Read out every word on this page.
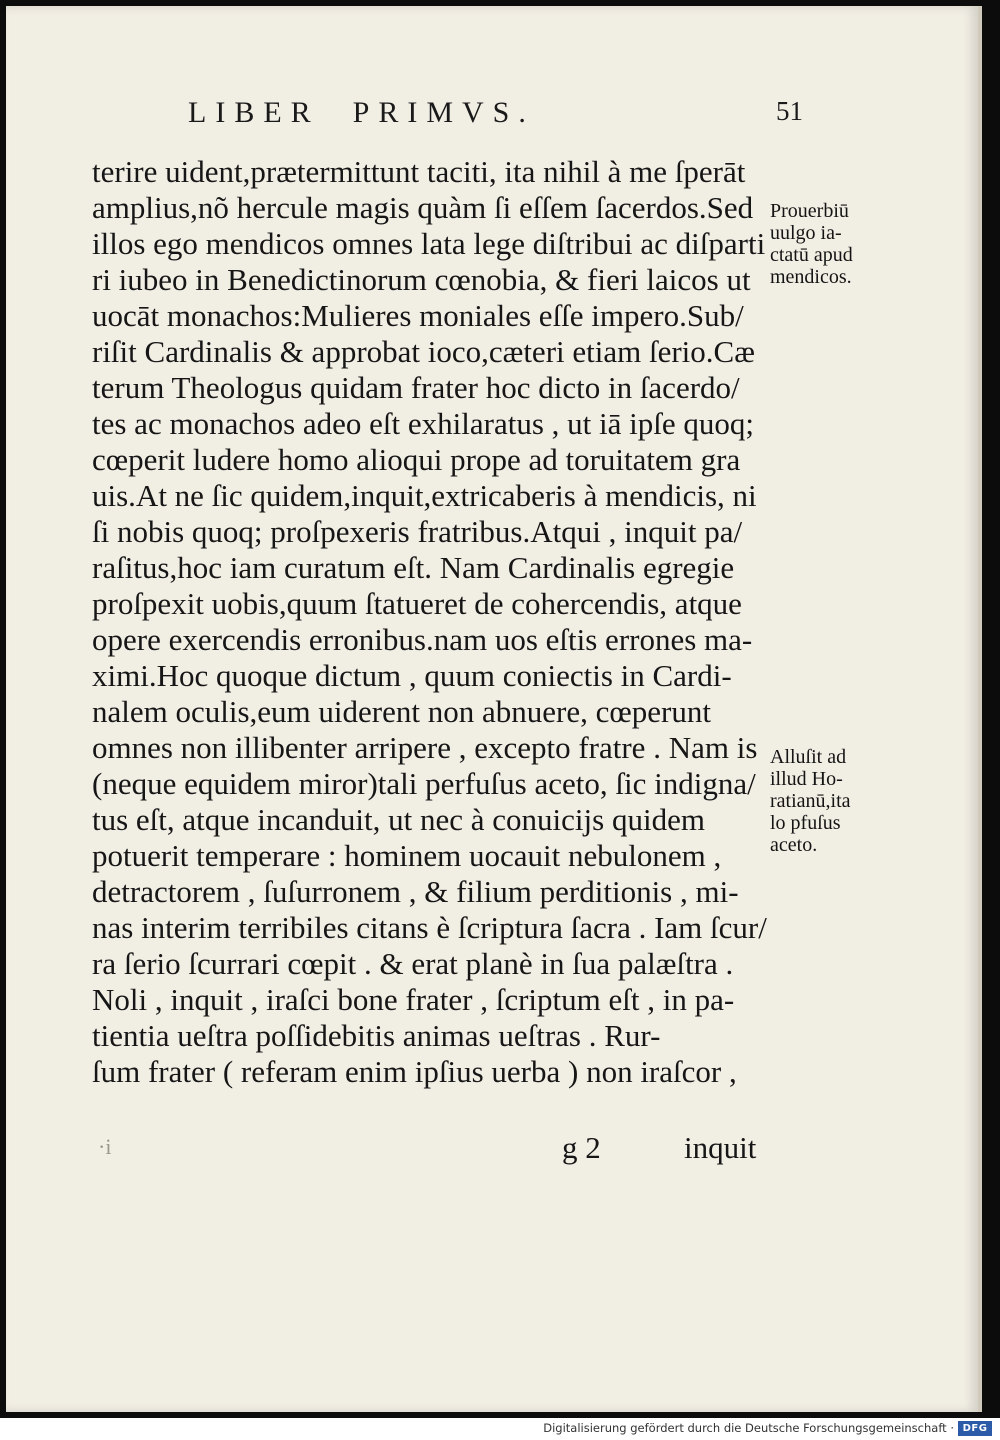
LIBER  PRIMVS.	51
terire uident,prætermittunt taciti, ita nihil à me ſperāt
amplius,nõ hercule magis quàm ſi eſſem ſacerdos.Sed
illos ego mendicos omnes lata lege diſtribui ac diſparti
ri iubeo in Benedictinorum cœnobia, & fieri laicos ut
uocāt monachos:Mulieres moniales eſſe impero.Sub/
riſit Cardinalis & approbat ioco,cæteri etiam ſerio.Cæ
terum Theologus quidam frater hoc dicto in ſacerdo/
tes ac monachos adeo eſt exhilaratus , ut iā ipſe quoq;
cœperit ludere homo alioqui prope ad toruitatem gra
uis.At ne ſic quidem,inquit,extricaberis à mendicis, ni
ſi nobis quoq; proſpexeris fratribus.Atqui , inquit pa/
raſitus,hoc iam curatum eſt. Nam Cardinalis egregie
proſpexit uobis,quum ſtatueret de cohercendis, atque
opere exercendis erronibus.nam uos eſtis errones ma-
ximi.Hoc quoque dictum , quum coniectis in Cardi-
nalem oculis,eum uiderent non abnuere, cœperunt
omnes non illibenter arripere , excepto fratre . Nam is
(neque equidem miror)tali perfuſus aceto, ſic indigna/
tus eſt, atque incanduit, ut nec à conuicijs quidem
potuerit temperare : hominem uocauit nebulonem ,
detractorem , ſuſurronem , & filium perditionis , mi-
nas interim terribiles citans è ſcriptura ſacra . Iam ſcur/
ra ſerio ſcurrari cœpit . & erat planè in ſua palæſtra .
Noli , inquit , iraſci bone frater , ſcriptum eſt , in pa-
tientia ueſtra poſſidebitis animas ueſtras . Rur-
ſum frater ( referam enim ipſius uerba ) non iraſcor ,
·i	g 2	inquit
Prouerbiū
uulgo ia-
ctatū apud
mendicos.
Alluſit ad
illud Ho-
ratianū,ita
lo pfuſus
aceto.
Digitalisierung gefördert durch die Deutsche Forschungsgemeinschaft · DFG
